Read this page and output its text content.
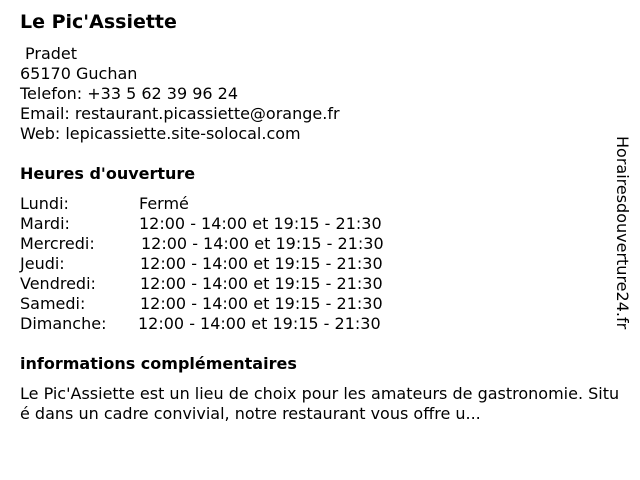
Le Pic'Assiette
Pradet
65170 Guchan
Telefon: +33 5 62 39 96 24
Email: restaurant.picassiette@orange.fr
Web: lepicassiette.site-solocal.com
Heures d'ouverture
Lundi:	Fermé
Mardi:	12:00 - 14:00 et 19:15 - 21:30
Mercredi:	12:00 - 14:00 et 19:15 - 21:30
Jeudi:	12:00 - 14:00 et 19:15 - 21:30
Vendredi:	12:00 - 14:00 et 19:15 - 21:30
Samedi:	12:00 - 14:00 et 19:15 - 21:30
Dimanche: 12:00 - 14:00 et 19:15 - 21:30
informations complémentaires
Le Pic'Assiette est un lieu de choix pour les amateurs de gastronomie. Situé dans un cadre convivial, notre restaurant vous offre u...
Horairesdouverture24.fr
